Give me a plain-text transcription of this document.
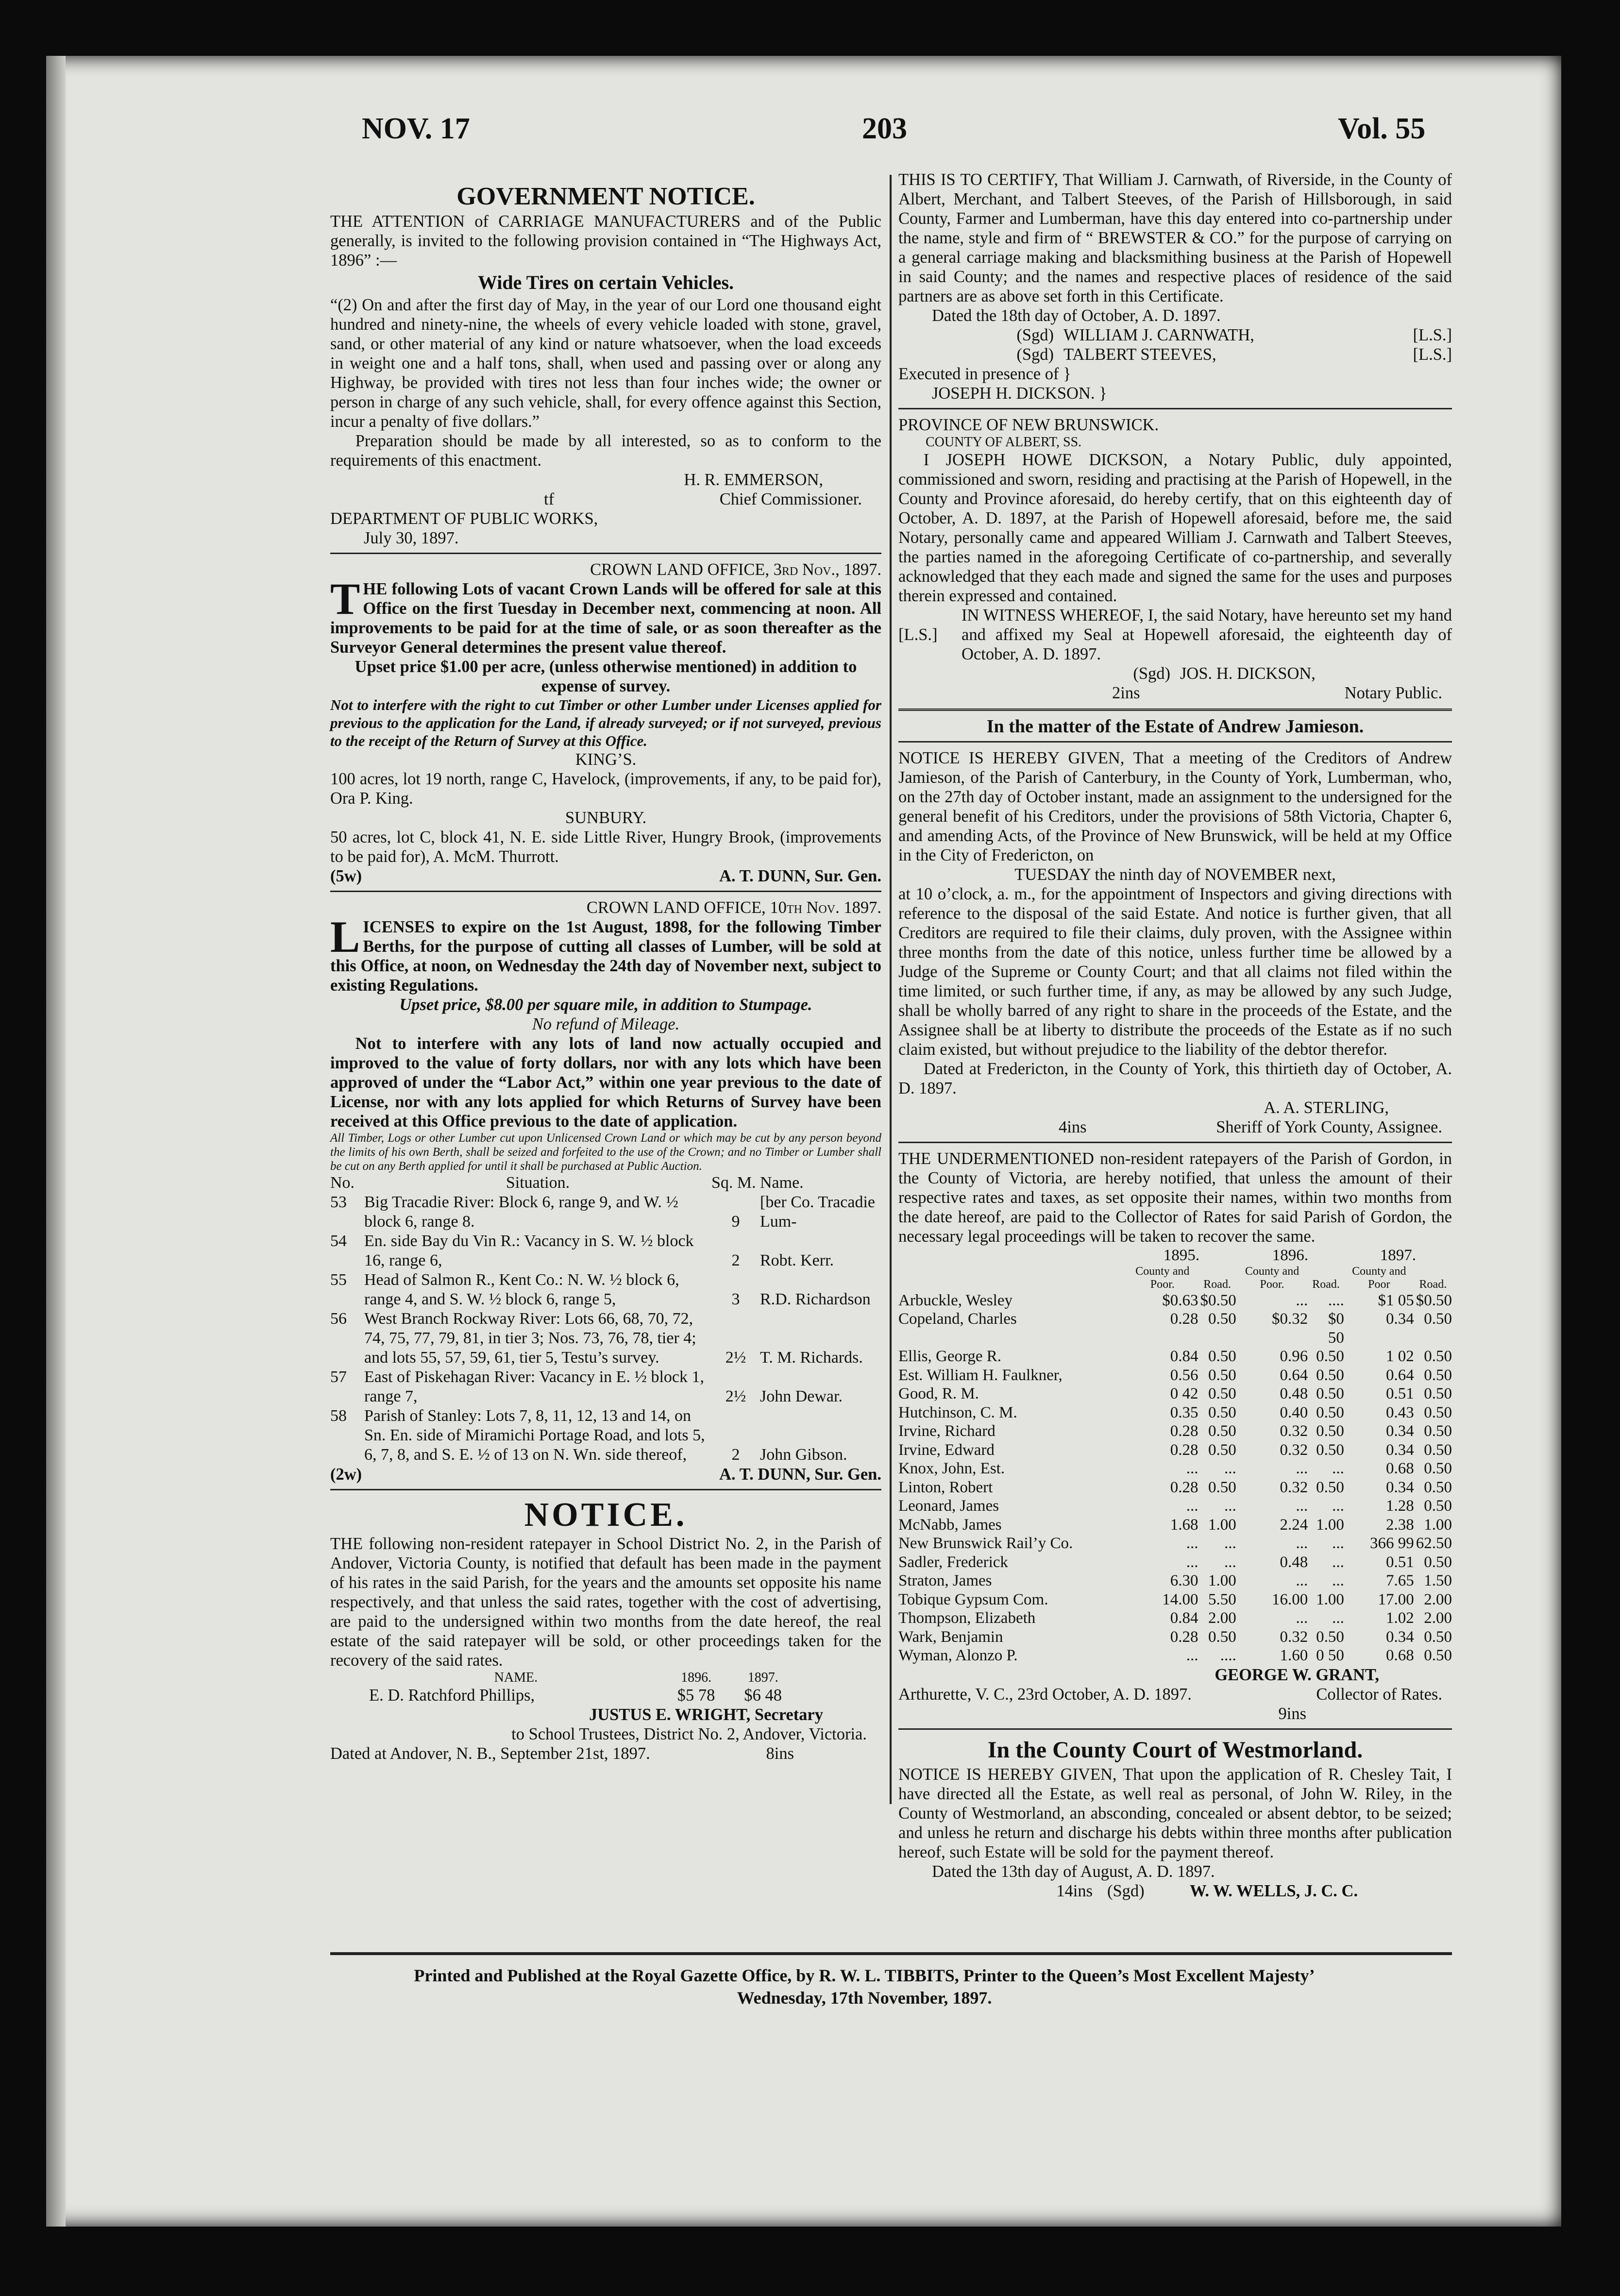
NOV. 17	203	Vol. 55
GOVERNMENT NOTICE.

THE ATTENTION of CARRIAGE MANUFACTURERS and of the Public generally, is invited to the following provision contained in “The Highways Act, 1896” :—

Wide Tires on certain Vehicles.

“(2) On and after the first day of May, in the year of our Lord one thousand eight hundred and ninety-nine, the wheels of every vehicle loaded with stone, gravel, sand, or other material of any kind or nature whatsoever, when the load exceeds in weight one and a half tons, shall, when used and passing over or along any Highway, be provided with tires not less than four inches wide; the owner or person in charge of any such vehicle, shall, for every offence against this Section, incur a penalty of five dollars.”

Preparation should be made by all interested, so as to conform to the requirements of this enactment.

H. R. EMMERSON,

tf	Chief Commissioner.

DEPARTMENT OF PUBLIC WORKS,

July 30, 1897.

CROWN LAND OFFICE, 3rd Nov., 1897.

THE following Lots of vacant Crown Lands will be offered for sale at this Office on the first Tuesday in December next, commencing at noon. All improvements to be paid for at the time of sale, or as soon thereafter as the Surveyor General determines the present value thereof.

Upset price $1.00 per acre, (unless otherwise mentioned) in addition to expense of survey.

Not to interfere with the right to cut Timber or other Lumber under Licenses applied for previous to the application for the Land, if already surveyed; or if not surveyed, previous to the receipt of the Return of Survey at this Office.

KING’S.

100 acres, lot 19 north, range C, Havelock, (improvements, if any, to be paid for), Ora P. King.

SUNBURY.

50 acres, lot C, block 41, N. E. side Little River, Hungry Brook, (improvements to be paid for), A. McM. Thurrott.

(5w)	A. T. DUNN, Sur. Gen.

CROWN LAND OFFICE, 10th Nov. 1897.

LICENSES to expire on the 1st August, 1898, for the following Timber Berths, for the purpose of cutting all classes of Lumber, will be sold at this Office, at noon, on Wednesday the 24th day of November next, subject to existing Regulations.

Upset price, $8.00 per square mile, in addition to Stumpage.

No refund of Mileage.

Not to interfere with any lots of land now actually occupied and improved to the value of forty dollars, nor with any lots which have been approved of under the “Labor Act,” within one year previous to the date of License, nor with any lots applied for which Returns of Survey have been received at this Office previous to the date of application.

All Timber, Logs or other Lumber cut upon Unlicensed Crown Land or which may be cut by any person beyond the limits of his own Berth, shall be seized and forfeited to the use of the Crown; and no Timber or Lumber shall be cut on any Berth applied for until it shall be purchased at Public Auction.

No.	Situation.	Sq. M.	Name.
53	Big Tracadie River: Block 6, range 9, and W. ½ block 6, range 8.	9	[ber Co. Tracadie Lum-
54	En. side Bay du Vin R.: Vacancy in S. W. ½ block 16, range 6,	2	Robt. Kerr.
55	Head of Salmon R., Kent Co.: N. W. ½ block 6, range 4, and S. W. ½ block 6, range 5,	3	R.D. Richardson
56	West Branch Rockway River: Lots 66, 68, 70, 72, 74, 75, 77, 79, 81, in tier 3; Nos. 73, 76, 78, tier 4; and lots 55, 57, 59, 61, tier 5, Testu’s survey.	2½	T. M. Richards.
57	East of Piskehagan River: Vacancy in E. ½ block 1, range 7,	2½	John Dewar.
58	Parish of Stanley: Lots 7, 8, 11, 12, 13 and 14, on Sn. En. side of Miramichi Portage Road, and lots 5, 6, 7, 8, and S. E. ½ of 13 on N. Wn. side thereof,	2	John Gibson.
(2w)	A. T. DUNN, Sur. Gen.
NOTICE.

THE following non-resident ratepayer in School District No. 2, in the Parish of Andover, Victoria County, is notified that default has been made in the payment of his rates in the said Parish, for the years and the amounts set opposite his name respectively, and that unless the said rates, together with the cost of advertising, are paid to the undersigned within two months from the date hereof, the real estate of the said ratepayer will be sold, or other proceedings taken for the recovery of the said rates.

NAME.	1896.	1897.
E. D. Ratchford Phillips,	$5 78	$6 48

JUSTUS E. WRIGHT, Secretary

to School Trustees, District No. 2, Andover, Victoria.

Dated at Andover, N. B., September 21st, 1897.	8ins

THIS IS TO CERTIFY, That William J. Carnwath, of Riverside, in the County of Albert, Merchant, and Talbert Steeves, of the Parish of Hillsborough, in said County, Farmer and Lumberman, have this day entered into co-partnership under the name, style and firm of “ BREWSTER & CO.” for the purpose of carrying on a general carriage making and blacksmithing business at the Parish of Hopewell in said County; and the names and respective places of residence of the said partners are as above set forth in this Certificate.

Dated the 18th day of October, A. D. 1897.

(Sgd) WILLIAM J. CARNWATH,	[L.S.]
(Sgd) TALBERT STEEVES,	[L.S.]

Executed in presence of }

JOSEPH H. DICKSON. }

PROVINCE OF NEW BRUNSWICK.

COUNTY OF ALBERT, SS.

I JOSEPH HOWE DICKSON, a Notary Public, duly appointed, commissioned and sworn, residing and practising at the Parish of Hopewell, in the County and Province aforesaid, do hereby certify, that on this eighteenth day of October, A. D. 1897, at the Parish of Hopewell aforesaid, before me, the said Notary, personally came and appeared William J. Carnwath and Talbert Steeves, the parties named in the aforegoing Certificate of co-partnership, and severally acknowledged that they each made and signed the same for the uses and purposes therein expressed and contained.

[L.S.]

IN WITNESS WHEREOF, I, the said Notary, have hereunto set my hand and affixed my Seal at Hopewell aforesaid, the eighteenth day of October, A. D. 1897.

(Sgd) JOS. H. DICKSON,
2ins	Notary Public.

In the matter of the Estate of Andrew Jamieson.

NOTICE IS HEREBY GIVEN, That a meeting of the Creditors of Andrew Jamieson, of the Parish of Canterbury, in the County of York, Lumberman, who, on the 27th day of October instant, made an assignment to the undersigned for the general benefit of his Creditors, under the provisions of 58th Victoria, Chapter 6, and amending Acts, of the Province of New Brunswick, will be held at my Office in the City of Fredericton, on

TUESDAY the ninth day of NOVEMBER next,

at 10 o’clock, a. m., for the appointment of Inspectors and giving directions with reference to the disposal of the said Estate. And notice is further given, that all Creditors are required to file their claims, duly proven, with the Assignee within three months from the date of this notice, unless further time be allowed by a Judge of the Supreme or County Court; and that all claims not filed within the time limited, or such further time, if any, as may be allowed by any such Judge, shall be wholly barred of any right to share in the proceeds of the Estate, and the Assignee shall be at liberty to distribute the proceeds of the Estate as if no such claim existed, but without prejudice to the liability of the debtor therefor.

Dated at Fredericton, in the County of York, this thirtieth day of October, A. D. 1897.

A. A. STERLING,

4ins	Sheriff of York County, Assignee.

THE UNDERMENTIONED non-resident ratepayers of the Parish of Gordon, in the County of Victoria, are hereby notified, that unless the amount of their respective rates and taxes, as set opposite their names, within two months from the date hereof, are paid to the Collector of Rates for said Parish of Gordon, the necessary legal proceedings will be taken to recover the same.

	1895.		1896.		1897.	
	County and Poor.	Road.	County and Poor.	Road.	County and Poor	Road.
Arbuckle, Wesley	$0.63	$0.50	...	....	$1 05	$0.50
Copeland, Charles	0.28	0.50	$0.32	$0 50	0.34	0.50
Ellis, George R.	0.84	0.50	0.96	0.50	1 02	0.50
Est. William H. Faulkner,	0.56	0.50	0.64	0.50	0.64	0.50
Good, R. M.	0 42	0.50	0.48	0.50	0.51	0.50
Hutchinson, C. M.	0.35	0.50	0.40	0.50	0.43	0.50
Irvine, Richard	0.28	0.50	0.32	0.50	0.34	0.50
Irvine, Edward	0.28	0.50	0.32	0.50	0.34	0.50
Knox, John, Est.	...	...	...	...	0.68	0.50
Linton, Robert	0.28	0.50	0.32	0.50	0.34	0.50
Leonard, James	...	...	...	...	1.28	0.50
McNabb, James	1.68	1.00	2.24	1.00	2.38	1.00
New Brunswick Rail’y Co.	...	...	...	...	366 99	62.50
Sadler, Frederick	...	...	0.48	...	0.51	0.50
Straton, James	6.30	1.00	...	...	7.65	1.50
Tobique Gypsum Com.	14.00	5.50	16.00	1.00	17.00	2.00
Thompson, Elizabeth	0.84	2.00	...	...	1.02	2.00
Wark, Benjamin	0.28	0.50	0.32	0.50	0.34	0.50
Wyman, Alonzo P.	...	....	1.60	0 50	0.68	0.50

GEORGE W. GRANT,

Arthurette, V. C., 23rd October, A. D. 1897.	Collector of Rates.

9ins

In the County Court of Westmorland.

NOTICE IS HEREBY GIVEN, That upon the application of R. Chesley Tait, I have directed all the Estate, as well real as personal, of John W. Riley, in the County of Westmorland, an absconding, concealed or absent debtor, to be seized; and unless he return and discharge his debts within three months after publication hereof, such Estate will be sold for the payment thereof.

Dated the 13th day of August, A. D. 1897.

14ins (Sgd)	W. W. WELLS, J. C. C.
Printed and Published at the Royal Gazette Office, by R. W. L. TIBBITS, Printer to the Queen’s Most Excellent Majesty’
Wednesday, 17th November, 1897.
